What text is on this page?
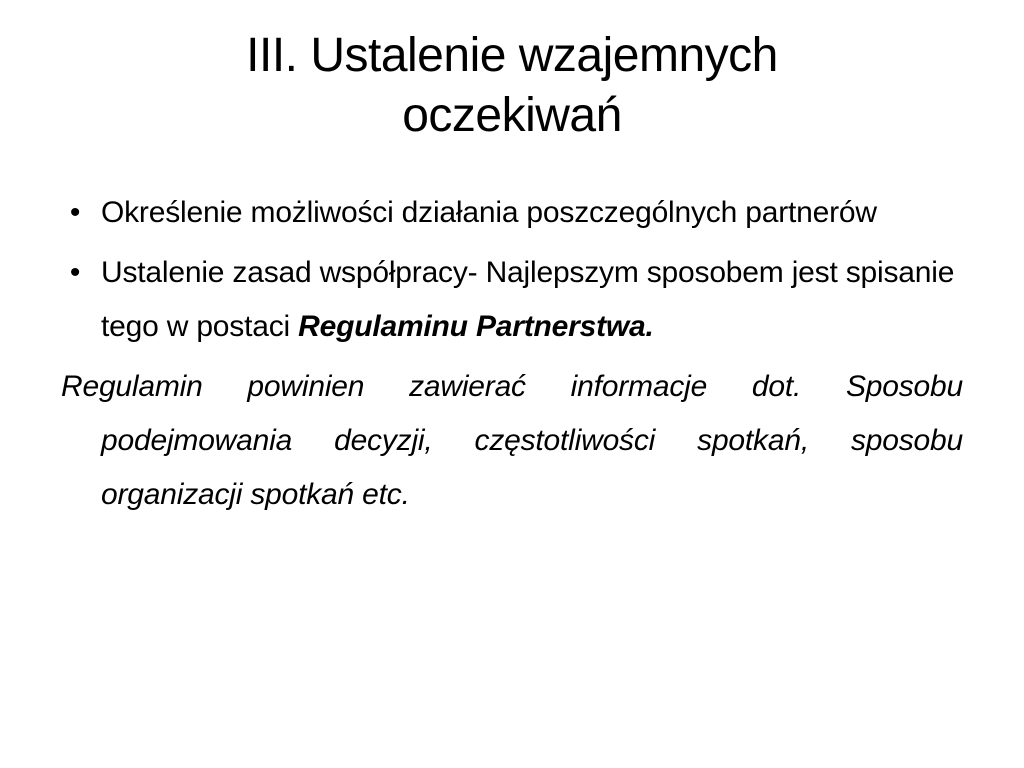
III. Ustalenie wzajemnych
oczekiwań
• Określenie możliwości działania poszczególnych partnerów
• Ustalenie zasad współpracy- Najlepszym sposobem jest spisanie tego w postaci Regulaminu Partnerstwa.

Regulamin powinien zawierać informacje dot. Sposobu podejmowania decyzji, częstotliwości spotkań, sposobu organizacji spotkań etc.
